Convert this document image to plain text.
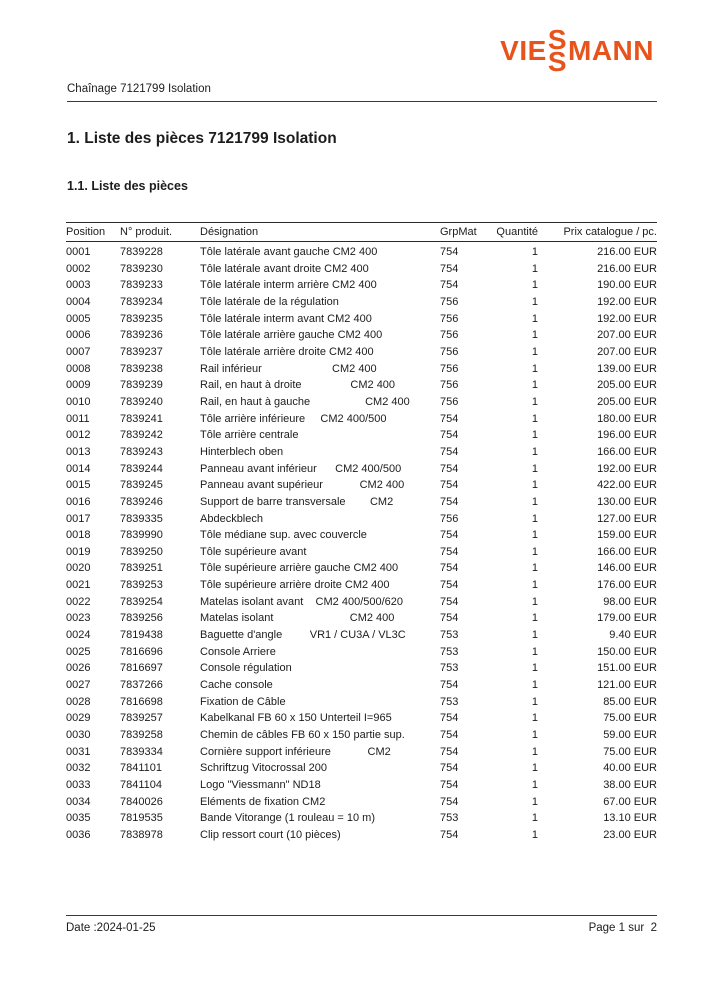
VIE S
S MANN
Chaînage 7121799 Isolation
1. Liste des pièces 7121799 Isolation
1.1. Liste des pièces
Position	N° produit.	Désignation	GrpMat	Quantité	Prix catalogue / pc.
0001	7839228	Tôle latérale avant gauche CM2 400	754	1	216.00 EUR
0002	7839230	Tôle latérale avant droite CM2 400	754	1	216.00 EUR
0003	7839233	Tôle latérale interm arrière CM2 400	754	1	190.00 EUR
0004	7839234	Tôle latérale de la régulation	756	1	192.00 EUR
0005	7839235	Tôle latérale interm avant CM2 400	756	1	192.00 EUR
0006	7839236	Tôle latérale arrière gauche CM2 400	756	1	207.00 EUR
0007	7839237	Tôle latérale arrière droite CM2 400	756	1	207.00 EUR
0008	7839238	Rail inférieur                       CM2 400	756	1	139.00 EUR
0009	7839239	Rail, en haut à droite                CM2 400	756	1	205.00 EUR
0010	7839240	Rail, en haut à gauche                  CM2 400	756	1	205.00 EUR
0011	7839241	Tôle arrière inférieure     CM2 400/500	754	1	180.00 EUR
0012	7839242	Tôle arrière centrale	754	1	196.00 EUR
0013	7839243	Hinterblech oben	754	1	166.00 EUR
0014	7839244	Panneau avant inférieur      CM2 400/500	754	1	192.00 EUR
0015	7839245	Panneau avant supérieur            CM2 400	754	1	422.00 EUR
0016	7839246	Support de barre transversale        CM2	754	1	130.00 EUR
0017	7839335	Abdeckblech	756	1	127.00 EUR
0018	7839990	Tôle médiane sup. avec couvercle	754	1	159.00 EUR
0019	7839250	Tôle supérieure avant	754	1	166.00 EUR
0020	7839251	Tôle supérieure arrière gauche CM2 400	754	1	146.00 EUR
0021	7839253	Tôle supérieure arrière droite CM2 400	754	1	176.00 EUR
0022	7839254	Matelas isolant avant    CM2 400/500/620	754	1	98.00 EUR
0023	7839256	Matelas isolant                         CM2 400	754	1	179.00 EUR
0024	7819438	Baguette d'angle         VR1 / CU3A / VL3C	753	1	9.40 EUR
0025	7816696	Console Arriere	753	1	150.00 EUR
0026	7816697	Console régulation	753	1	151.00 EUR
0027	7837266	Cache console	754	1	121.00 EUR
0028	7816698	Fixation de Câble	753	1	85.00 EUR
0029	7839257	Kabelkanal FB 60 x 150 Unterteil I=965	754	1	75.00 EUR
0030	7839258	Chemin de câbles FB 60 x 150 partie sup.	754	1	59.00 EUR
0031	7839334	Cornière support inférieure            CM2	754	1	75.00 EUR
0032	7841101	Schriftzug Vitocrossal 200	754	1	40.00 EUR
0033	7841104	Logo "Viessmann" ND18	754	1	38.00 EUR
0034	7840026	Eléments de fixation CM2	754	1	67.00 EUR
0035	7819535	Bande Vitorange (1 rouleau = 10 m)	753	1	13.10 EUR
0036	7838978	Clip ressort court (10 pièces)	754	1	23.00 EUR
Date :2024-01-25	Page 1 sur  2
